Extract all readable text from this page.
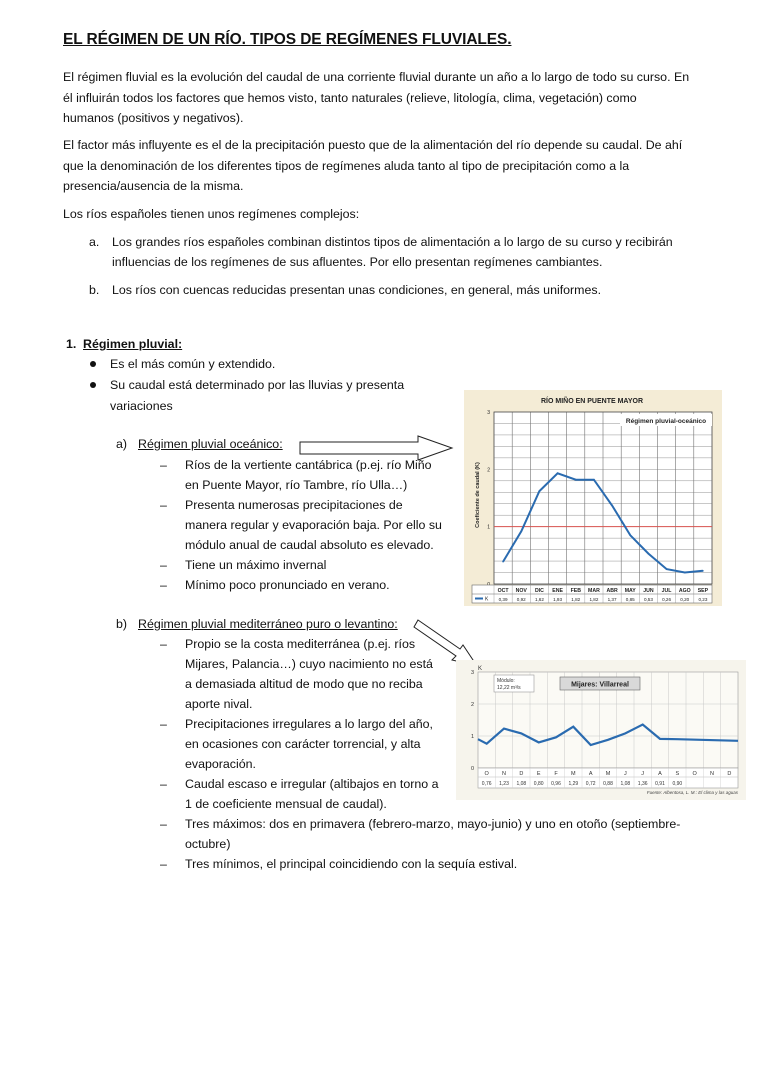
EL RÉGIMEN DE UN RÍO. TIPOS DE REGÍMENES FLUVIALES.
El régimen fluvial es la evolución del caudal de una corriente fluvial durante un año a lo largo de todo su curso. En
él influirán todos los factores que hemos visto, tanto naturales (relieve, litología, clima, vegetación) como
humanos (positivos y negativos).
El factor más influyente es el de la precipitación puesto que de la alimentación del río depende su caudal. De ahí
que la denominación de los diferentes tipos de regímenes aluda tanto al tipo de precipitación como a la
presencia/ausencia de la misma.
Los ríos españoles tienen unos regímenes complejos:
a. Los grandes ríos españoles combinan distintos tipos de alimentación a lo largo de su curso y recibirán
influencias de los regímenes de sus afluentes. Por ello presentan regímenes cambiantes.
b. Los ríos con cuencas reducidas presentan unas condiciones, en general, más uniformes.
1. Régimen pluvial:
Es el más común y extendido.
Su caudal está determinado por las lluvias y presenta
variaciones
a) Régimen pluvial oceánico:
‒ Ríos de la vertiente cantábrica (p.ej. río Miño
en Puente Mayor, río Tambre, río Ulla…)
‒ Presenta numerosas precipitaciones de
manera regular y evaporación baja. Por ello su
módulo anual de caudal absoluto es elevado.
‒ Tiene un máximo invernal
‒ Mínimo poco pronunciado en verano.
b) Régimen pluvial mediterráneo puro o levantino:
‒ Propio se la costa mediterránea (p.ej. ríos
Mijares, Palancia…) cuyo nacimiento no está
a demasiada altitud de modo que no reciba
aporte nival.
‒ Precipitaciones irregulares a lo largo del año,
en ocasiones con carácter torrencial, y alta
evaporación.
‒ Caudal escaso e irregular (altibajos en torno a
1 de coeficiente mensual de caudal).
‒ Tres máximos: dos en primavera (febrero-marzo, mayo-junio) y uno en otoño (septiembre-
octubre)
‒ Tres mínimos, el principal coincidiendo con la sequía estival.
RÍO MIÑO EN PUENTE MAYOR
Régimen pluvial-oceánico
Coeficiente de caudal (K)
3
2
1
K
OCT
0,39
NOV
0,92
DIC
1,62
ENE
1,93
FEB
1,82
MAR
1,82
ABR
1,37
MAY
0,85
JUN
0,53
JUL
0,26
AGO
0,20
SEP
0,23
K
3
2
1
0
Módulo:
12,22 m³/s	Mijares: Villarreal
O
0,76
N
1,23
D
1,08
E
0,80
F
0,96
M
1,29
A
0,72
M
0,88
J
1,08
J
1,36
A
0,91
S
0,90
O N D
Fuente: Albentosa, L. M.: El clima y las aguas
